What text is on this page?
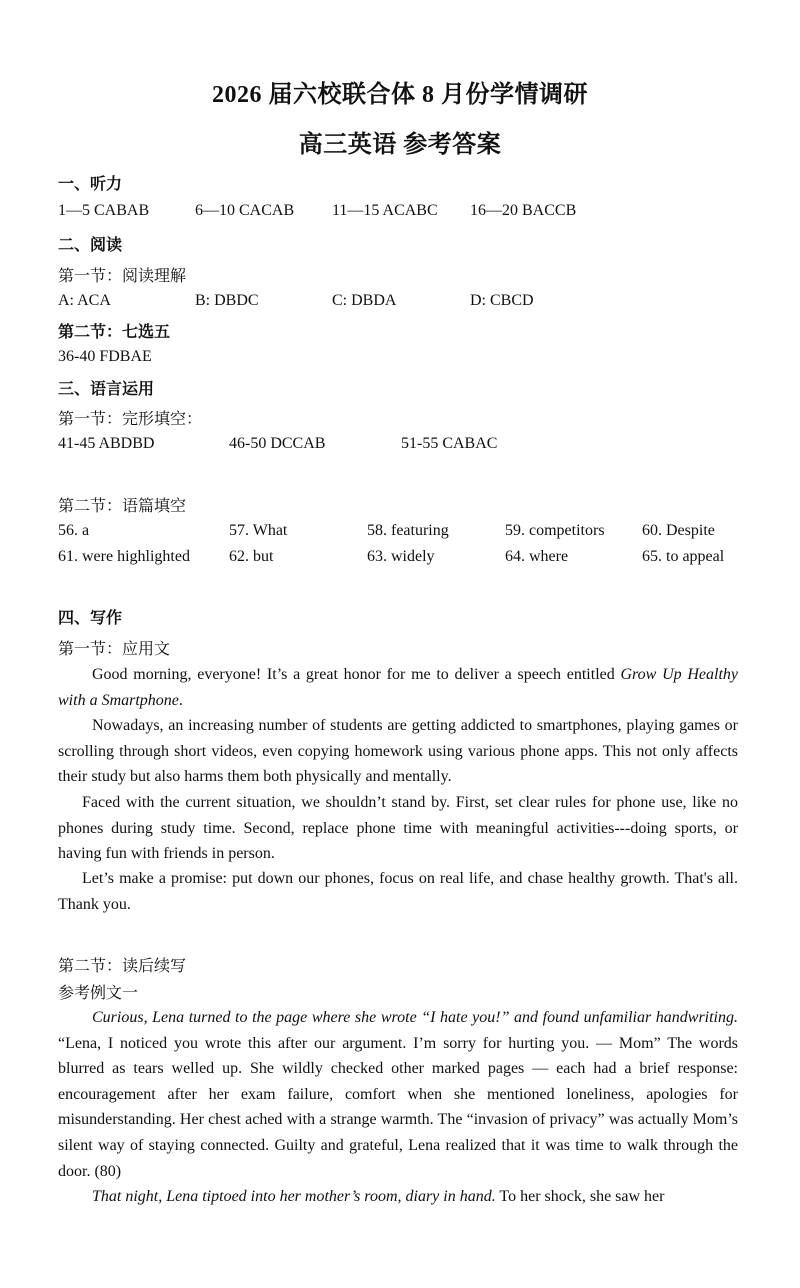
2026 届六校联合体 8 月份学情调研
高三英语 参考答案
一、听力
1—5 CABAB	6—10 CACAB 11—15 ACABC 16—20 BACCB
二、阅读
第一节：阅读理解
A: ACA	B: DBDC	C: DBDA	D: CBCD
第二节：七选五
36-40 FDBAE
三、语言运用
第一节：完形填空：
41-45 ABDBD	46-50 DCCAB	51-55 CABAC
第二节：语篇填空
56. a	57. What	58. featuring	59. competitors 60. Despite
61. were highlighted 62. but	63. widely	64. where	65. to appeal
四、写作
第一节：应用文

Good morning, everyone! It’s a great honor for me to deliver a speech entitled Grow Up Healthy with a Smartphone.

Nowadays, an increasing number of students are getting addicted to smartphones, playing games or scrolling through short videos, even copying homework using various phone apps. This not only affects their study but also harms them both physically and mentally.

Faced with the current situation, we shouldn’t stand by. First, set clear rules for phone use, like no phones during study time. Second, replace phone time with meaningful activities---doing sports, or having fun with friends in person.

Let’s make a promise: put down our phones, focus on real life, and chase healthy growth. That's all. Thank you.

第二节：读后续写
参考例文一

Curious, Lena turned to the page where she wrote “I hate you!” and found unfamiliar handwriting. “Lena, I noticed you wrote this after our argument. I’m sorry for hurting you. — Mom” The words blurred as tears welled up. She wildly checked other marked pages — each had a brief response: encouragement after her exam failure, comfort when she mentioned loneliness, apologies for misunderstanding. Her chest ached with a strange warmth. The “invasion of privacy” was actually Mom’s silent way of staying connected. Guilty and grateful, Lena realized that it was time to walk through the door. (80)

That night, Lena tiptoed into her mother’s room, diary in hand. To her shock, she saw her
